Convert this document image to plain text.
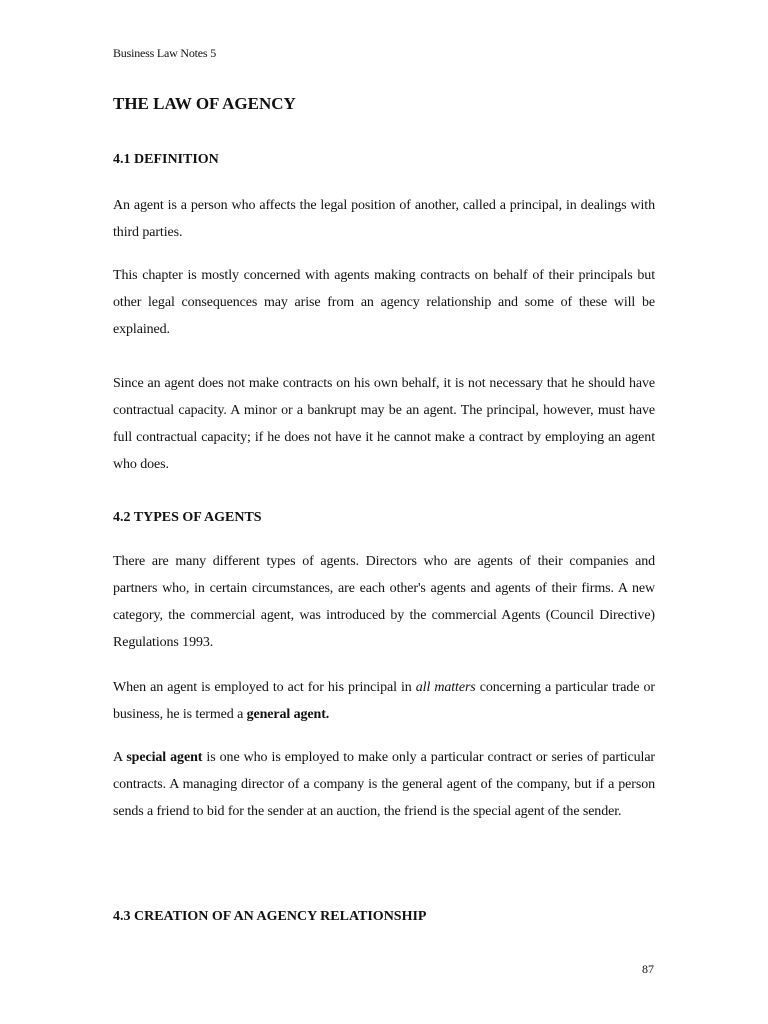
Business Law Notes 5
THE LAW OF AGENCY
4.1 DEFINITION

An agent is a person who affects the legal position of another, called a principal, in dealings with third parties.

This chapter is mostly concerned with agents making contracts on behalf of their principals but other legal consequences may arise from an agency relationship and some of these will be explained.

Since an agent does not make contracts on his own behalf, it is not necessary that he should have contractual capacity. A minor or a bankrupt may be an agent. The principal, however, must have full contractual capacity; if he does not have it he cannot make a contract by employing an agent who does.

4.2 TYPES OF AGENTS

There are many different types of agents. Directors who are agents of their companies and partners who, in certain circumstances, are each other's agents and agents of their firms. A new category, the commercial agent, was introduced by the commercial Agents (Council Directive) Regulations 1993.

When an agent is employed to act for his principal in all matters concerning a particular trade or business, he is termed a general agent.

A special agent is one who is employed to make only a particular contract or series of particular contracts. A managing director of a company is the general agent of the company, but if a person sends a friend to bid for the sender at an auction, the friend is the special agent of the sender.

4.3 CREATION OF AN AGENCY RELATIONSHIP
87
